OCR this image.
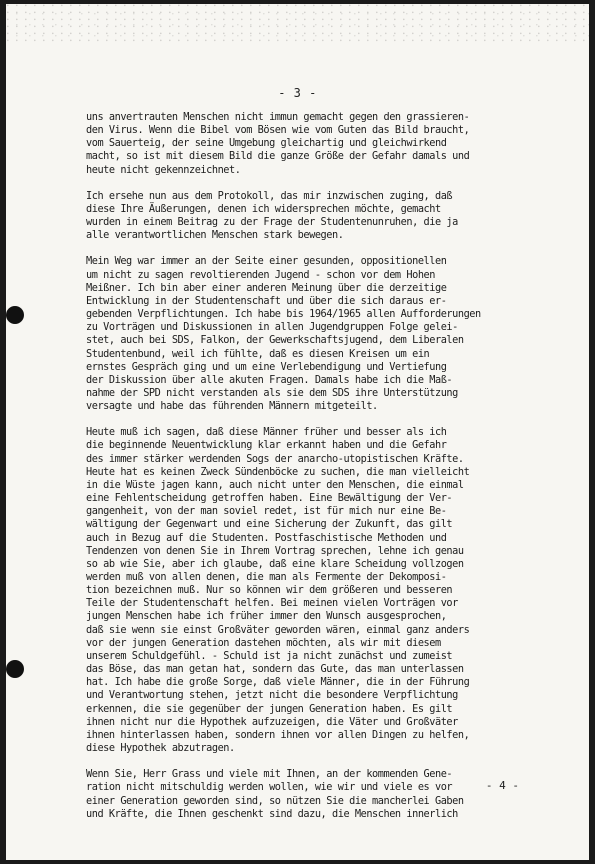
- 3 -

uns anvertrauten Menschen nicht immun gemacht gegen den grassieren-
den Virus. Wenn die Bibel vom Bösen wie vom Guten das Bild braucht,
vom Sauerteig, der seine Umgebung gleichartig und gleichwirkend
macht, so ist mit diesem Bild die ganze Größe der Gefahr damals und
heute nicht gekennzeichnet.

Ich ersehe nun aus dem Protokoll, das mir inzwischen zuging, daß
diese Ihre Äußerungen, denen ich widersprechen möchte, gemacht
wurden in einem Beitrag zu der Frage der Studentenunruhen, die ja
alle verantwortlichen Menschen stark bewegen.

Mein Weg war immer an der Seite einer gesunden, oppositionellen
um nicht zu sagen revoltierenden Jugend - schon vor dem Hohen
Meißner. Ich bin aber einer anderen Meinung über die derzeitige
Entwicklung in der Studentenschaft und über die sich daraus er-
gebenden Verpflichtungen. Ich habe bis 1964/1965 allen Aufforderungen
zu Vorträgen und Diskussionen in allen Jugendgruppen Folge gelei-
stet, auch bei SDS, Falkon, der Gewerkschaftsjugend, dem Liberalen
Studentenbund, weil ich fühlte, daß es diesen Kreisen um ein
ernstes Gespräch ging und um eine Verlebendigung und Vertiefung
der Diskussion über alle akuten Fragen. Damals habe ich die Maß-
nahme der SPD nicht verstanden als sie dem SDS ihre Unterstützung
versagte und habe das führenden Männern mitgeteilt.

Heute muß ich sagen, daß diese Männer früher und besser als ich
die beginnende Neuentwicklung klar erkannt haben und die Gefahr
des immer stärker werdenden Sogs der anarcho-utopistischen Kräfte.
Heute hat es keinen Zweck Sündenböcke zu suchen, die man vielleicht
in die Wüste jagen kann, auch nicht unter den Menschen, die einmal
eine Fehlentscheidung getroffen haben. Eine Bewältigung der Ver-
gangenheit, von der man soviel redet, ist für mich nur eine Be-
wältigung der Gegenwart und eine Sicherung der Zukunft, das gilt
auch in Bezug auf die Studenten. Postfaschistische Methoden und
Tendenzen von denen Sie in Ihrem Vortrag sprechen, lehne ich genau
so ab wie Sie, aber ich glaube, daß eine klare Scheidung vollzogen
werden muß von allen denen, die man als Fermente der Dekomposi-
tion bezeichnen muß. Nur so können wir dem größeren und besseren
Teile der Studentenschaft helfen. Bei meinen vielen Vorträgen vor
jungen Menschen habe ich früher immer den Wunsch ausgesprochen,
daß sie wenn sie einst Großväter geworden wären, einmal ganz anders
vor der jungen Generation dastehen möchten, als wir mit diesem
unserem Schuldgefühl. - Schuld ist ja nicht zunächst und zumeist
das Böse, das man getan hat, sondern das Gute, das man unterlassen
hat. Ich habe die große Sorge, daß viele Männer, die in der Führung
und Verantwortung stehen, jetzt nicht die besondere Verpflichtung
erkennen, die sie gegenüber der jungen Generation haben. Es gilt
ihnen nicht nur die Hypothek aufzuzeigen, die Väter und Großväter
ihnen hinterlassen haben, sondern ihnen vor allen Dingen zu helfen,
diese Hypothek abzutragen.

Wenn Sie, Herr Grass und viele mit Ihnen, an der kommenden Gene-
ration nicht mitschuldig werden wollen, wie wir und viele es vor
einer Generation geworden sind, so nützen Sie die mancherlei Gaben
und Kräfte, die Ihnen geschenkt sind dazu, die Menschen innerlich

- 4 -
